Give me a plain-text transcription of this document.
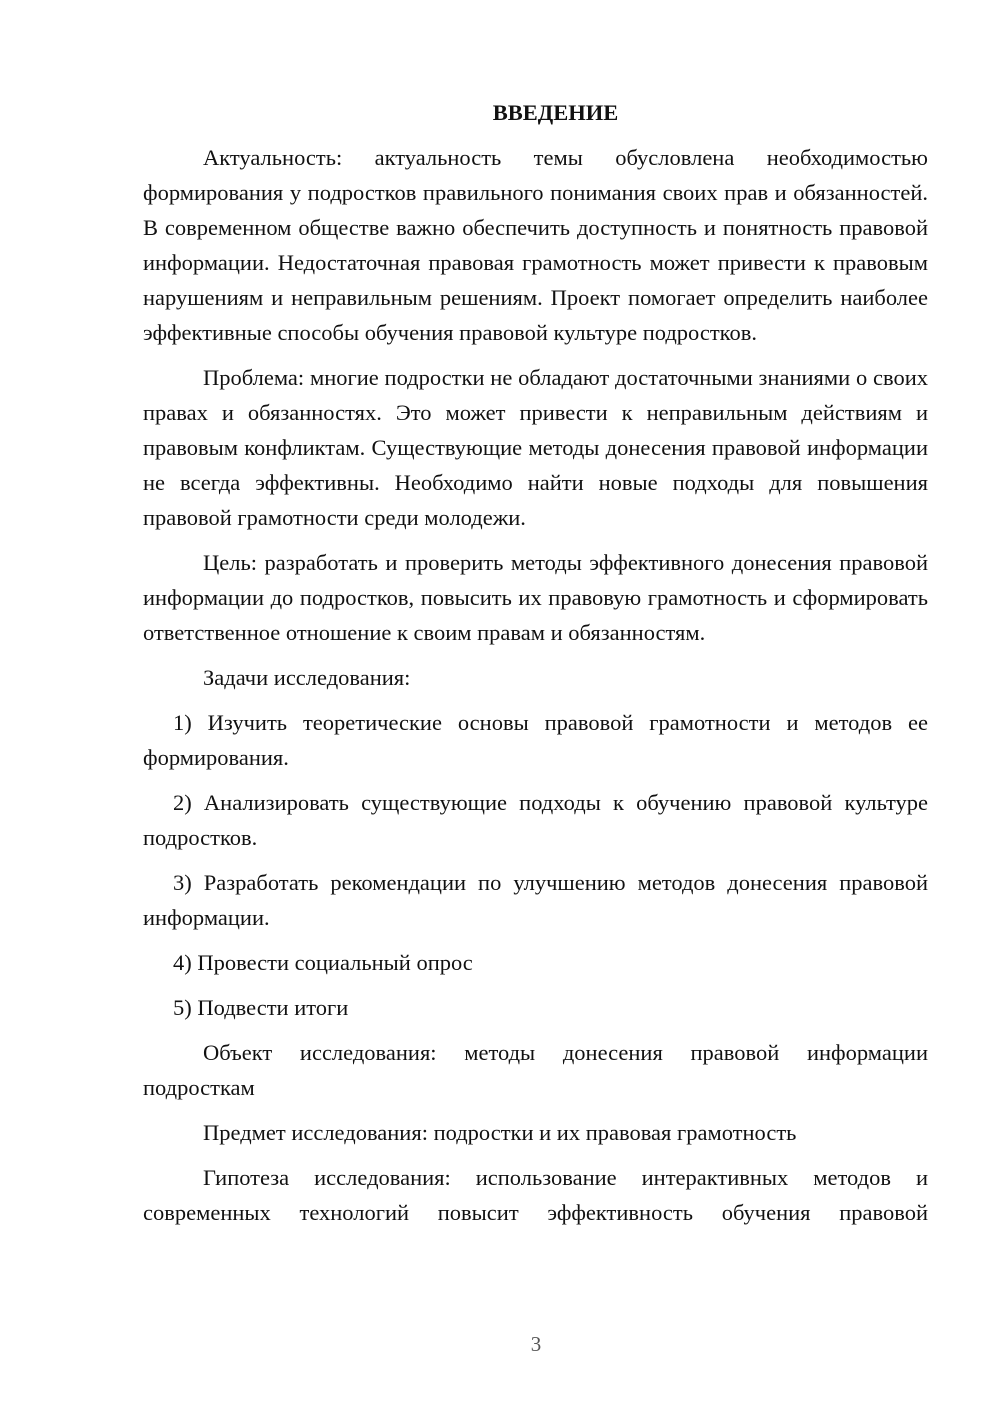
ВВЕДЕНИЕ

Актуальность: актуальность темы обусловлена необходимостью формирования у подростков правильного понимания своих прав и обязанностей. В современном обществе важно обеспечить доступность и понятность правовой информации. Недостаточная правовая грамотность может привести к правовым нарушениям и неправильным решениям. Проект помогает определить наиболее эффективные способы обучения правовой культуре подростков.

Проблема: многие подростки не обладают достаточными знаниями о своих правах и обязанностях. Это может привести к неправильным действиям и правовым конфликтам. Существующие методы донесения правовой информации не всегда эффективны. Необходимо найти новые подходы для повышения правовой грамотности среди молодежи.

Цель: разработать и проверить методы эффективного донесения правовой информации до подростков, повысить их правовую грамотность и сформировать ответственное отношение к своим правам и обязанностям.

Задачи исследования:

1) Изучить теоретические основы правовой грамотности и методов ее формирования.

2) Анализировать существующие подходы к обучению правовой культуре подростков.

3) Разработать рекомендации по улучшению методов донесения правовой информации.

4) Провести социальный опрос

5) Подвести итоги

Объект исследования: методы донесения правовой информации подросткам

Предмет исследования: подростки и их правовая грамотность

Гипотеза исследования: использование интерактивных методов и современных технологий повысит эффективность обучения правовой

3
